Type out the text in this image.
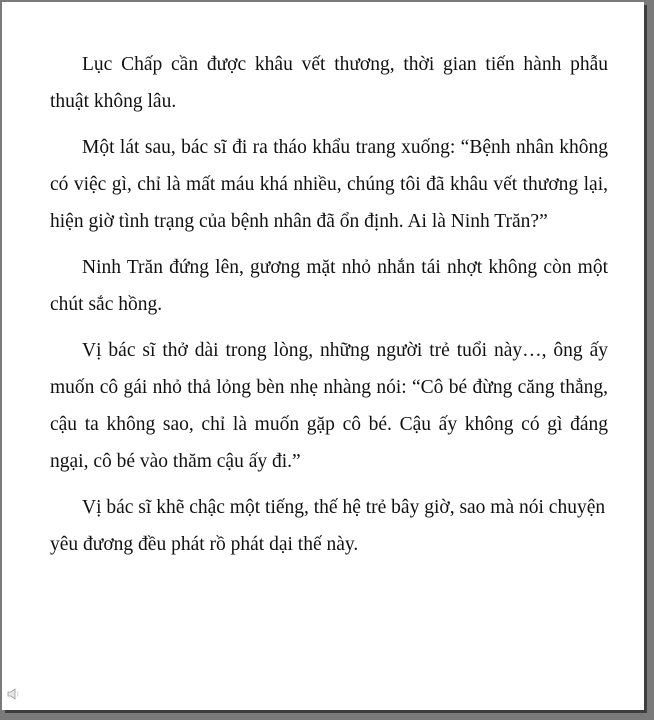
Lục Chấp cần được khâu vết thương, thời gian tiến hành phẫu thuật không lâu.

Một lát sau, bác sĩ đi ra tháo khẩu trang xuống: “Bệnh nhân không có việc gì, chỉ là mất máu khá nhiều, chúng tôi đã khâu vết thương lại, hiện giờ tình trạng của bệnh nhân đã ổn định. Ai là Ninh Trăn?”

Ninh Trăn đứng lên, gương mặt nhỏ nhắn tái nhợt không còn một chút sắc hồng.

Vị bác sĩ thở dài trong lòng, những người trẻ tuổi này…, ông ấy muốn cô gái nhỏ thả lỏng bèn nhẹ nhàng nói: “Cô bé đừng căng thẳng, cậu ta không sao, chỉ là muốn gặp cô bé. Cậu ấy không có gì đáng ngại, cô bé vào thăm cậu ấy đi.”

Vị bác sĩ khẽ chậc một tiếng, thế hệ trẻ bây giờ, sao mà nói chuyện yêu đương đều phát rồ phát dại thế này.
